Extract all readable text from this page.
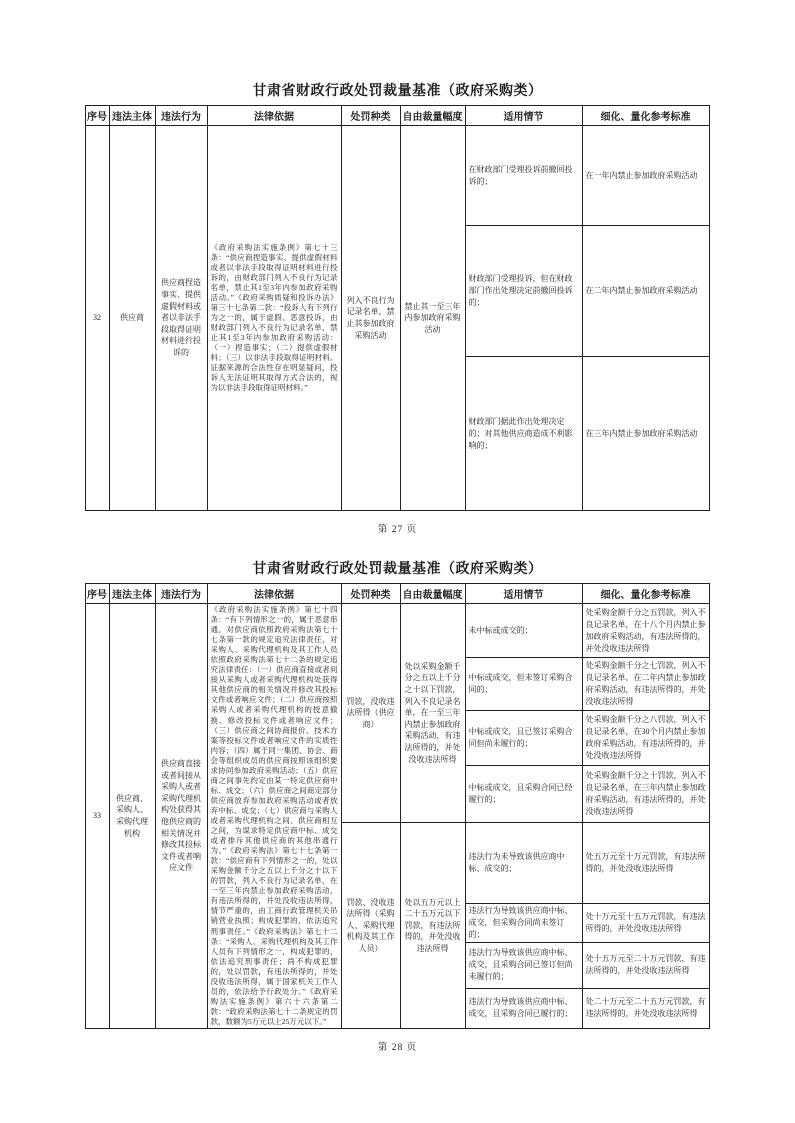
甘肃省财政行政处罚裁量基准（政府采购类）
序号	违法主体	违法行为	法律依据	处罚种类	自由裁量幅度	适用情节	细化、量化参考标准
32	供应商	供应商捏造事实、提供虚假材料或者以非法手段取得证明材料进行投诉的	《政府采购法实施条例》第七十三条：“供应商捏造事实、提供虚假材料或者以非法手段取得证明材料进行投诉的，由财政部门列入不良行为记录名单，禁止其1至3年内参加政府采购活动。”《政府采购质疑和投诉办法》第三十七条第二款：“投诉人有下列行为之一的，属于虚假、恶意投诉，由财政部门列入不良行为记录名单，禁止其1至3年内参加政府采购活动：（一）捏造事实；（二）提供虚假材料；（三）以非法手段取得证明材料。证据来源的合法性存在明显疑问，投诉人无法证明其取得方式合法的，视为以非法手段取得证明材料。”	列入不良行为记录名单，禁止其参加政府采购活动	禁止其一至三年内参加政府采购活动	在财政部门受理投诉前撤回投诉的；	在一年内禁止参加政府采购活动
						财政部门受理投诉，但在财政部门作出处理决定前撤回投诉的；	在二年内禁止参加政府采购活动
						财政部门据此作出处理决定的；对其他供应商造成不利影响的；	在三年内禁止参加政府采购活动
第 27 页
甘肃省财政行政处罚裁量基准（政府采购类）
序号	违法主体	违法行为	法律依据	处罚种类	自由裁量幅度	适用情节	细化、量化参考标准
33	供应商、采购人、采购代理机构	供应商直接或者间接从采购人或者采购代理机构处获得其他供应商的相关情况并修改其投标文件或者响应文件	《政府采购法实施条例》第七十四条：“有下列情形之一的，属于恶意串通，对供应商依照政府采购法第七十七条第一款的规定追究法律责任，对采购人、采购代理机构及其工作人员依照政府采购法第七十二条的规定追究法律责任：（一）供应商直接或者间接从采购人或者采购代理机构处获得其他供应商的相关情况并修改其投标文件或者响应文件；（二）供应商按照采购人或者采购代理机构的授意撤换、修改投标文件或者响应文件；（三）供应商之间协商报价、技术方案等投标文件或者响应文件的实质性内容；（四）属于同一集团、协会、商会等组织成员的供应商按照该组织要求协同参加政府采购活动；（五）供应商之间事先约定由某一特定供应商中标、成交；（六）供应商之间商定部分供应商放弃参加政府采购活动或者放弃中标、成交；（七）供应商与采购人或者采购代理机构之间、供应商相互之间，为谋求特定供应商中标、成交或者排斥其他供应商的其他串通行为。”《政府采购法》第七十七条第一款：“供应商有下列情形之一的，处以采购金额千分之五以上千分之十以下的罚款，列入不良行为记录名单，在一至三年内禁止参加政府采购活动，有违法所得的，并处没收违法所得，情节严重的，由工商行政管理机关吊销营业执照；构成犯罪的，依法追究刑事责任。”《政府采购法》第七十二条：“采购人、采购代理机构及其工作人员有下列情形之一，构成犯罪的，依法追究刑事责任；尚不构成犯罪的，处以罚款，有违法所得的，并处没收违法所得，属于国家机关工作人员的，依法给予行政处分。”《政府采购法实施条例》第六十六条第二款：“政府采购法第七十二条规定的罚款，数额为5万元以上25万元以下。”	罚款，没收违法所得（供应商）	处以采购金额千分之五以上千分之十以下罚款，列入不良记录名单，在一至三年内禁止参加政府采购活动，有违法所得的，并处没收违法所得	未中标或成交的；	处采购金额千分之五罚款，列入不良记录名单，在十八个月内禁止参加政府采购活动，有违法所得的，并处没收违法所得
						中标或成交，但未签订采购合同的；	处采购金额千分之七罚款，列入不良记录名单，在二年内禁止参加政府采购活动，有违法所得的，并处没收违法所得
						中标或成交，且已签订采购合同但尚未履行的；	处采购金额千分之八罚款，列入不良记录名单，在30个月内禁止参加政府采购活动，有违法所得的，并处没收违法所得
						中标或成交，且采购合同已经履行的；	处采购金额千分之十罚款，列入不良记录名单，在三年内禁止参加政府采购活动，有违法所得的，并处没收违法所得
				罚款、没收违法所得（采购人、采购代理机构及其工作人员）	处以五万元以上二十五万元以下罚款，有违法所得的，并处没收违法所得	违法行为未导致该供应商中标、成交的；	处五万元至十万元罚款，有违法所得的，并处没收违法所得
						违法行为导致该供应商中标、成交，但采购合同尚未签订的；	处十万元至十五万元罚款，有违法所得的，并处没收违法所得
						违法行为导致该供应商中标、成交，且采购合同已签订但尚未履行的；	处十五万元至二十万元罚款，有违法所得的，并处没收违法所得
						违法行为导致该供应商中标、成交，且采购合同已履行的；	处二十万元至二十五万元罚款，有违法所得的，并处没收违法所得
第 28 页
